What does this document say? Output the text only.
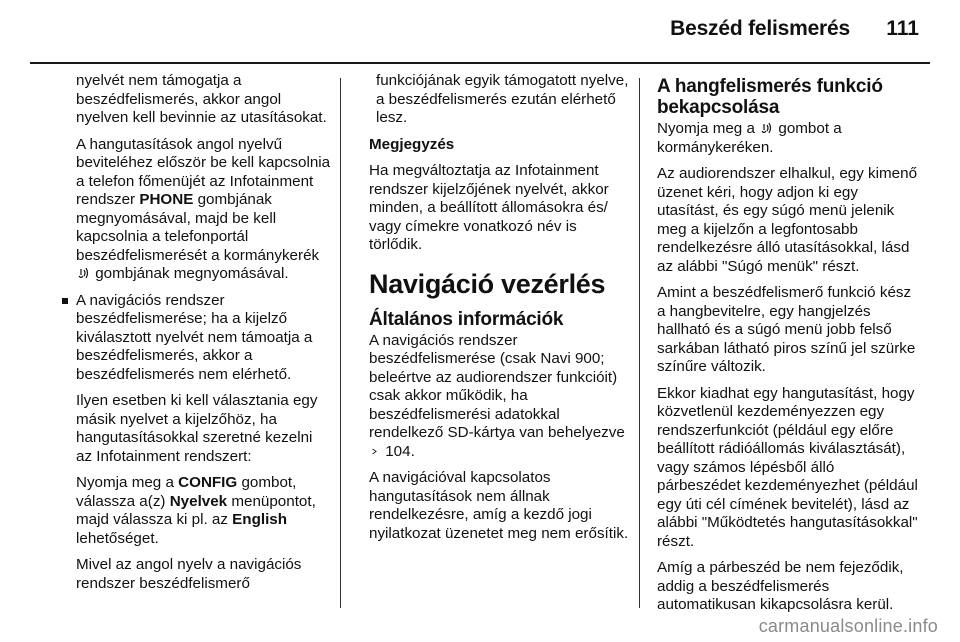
Beszéd felismerés 111

nyelvét nem támogatja a beszédfelismerés, akkor angol nyelven kell bevinnie az utasításokat.

A hangutasítások angol nyelvű beviteléhez először be kell kapcsolnia a telefon főmenüjét az Infotainment rendszer PHONE gombjának megnyomásával, majd be kell kapcsolnia a telefonportál beszédfelismerését a kormánykerék  gombjának megnyomásával.

A navigációs rendszer beszédfelismerése; ha a kijelző kiválasztott nyelvét nem támoatja a beszédfelismerés, akkor a beszédfelismerés nem elérhető.

Ilyen esetben ki kell választania egy másik nyelvet a kijelzőhöz, ha hangutasításokkal szeretné kezelni az Infotainment rendszert:

Nyomja meg a CONFIG gombot, válassza a(z) Nyelvek menüpontot, majd válassza ki pl. az English lehetőséget.

Mivel az angol nyelv a navigációs rendszer beszédfelismerő

funkciójának egyik támogatott nyelve, a beszédfelismerés ezután elérhető lesz.

Megjegyzés

Ha megváltoztatja az Infotainment rendszer kijelzőjének nyelvét, akkor minden, a beállított állomásokra és/ vagy címekre vonatkozó név is törlődik.

Navigáció vezérlés
Általános információk

A navigációs rendszer beszédfelismerése (csak Navi 900; beleértve az audiorendszer funkcióit) csak akkor működik, ha beszédfelismerési adatokkal rendelkező SD-kártya van behelyezve  104.

A navigációval kapcsolatos hangutasítások nem állnak rendelkezésre, amíg a kezdő jogi nyilatkozat üzenetet meg nem erősítik.

A hangfelismerés funkció bekapcsolása

Nyomja meg a gombot a kormánykeréken.

Az audiorendszer elhalkul, egy kimenő üzenet kéri, hogy adjon ki egy utasítást, és egy súgó menü jelenik meg a kijelzőn a legfontosabb rendelkezésre álló utasításokkal, lásd az alábbi "Súgó menük" részt.

Amint a beszédfelismerő funkció kész a hangbevitelre, egy hangjelzés hallható és a súgó menü jobb felső sarkában látható piros színű jel szürke színűre változik.

Ekkor kiadhat egy hangutasítást, hogy közvetlenül kezdeményezzen egy rendszerfunkciót (például egy előre beállított rádióállomás kiválasztását), vagy számos lépésből álló párbeszédet kezdeményezhet (például egy úti cél címének bevitelét), lásd az alábbi "Működtetés hangutasításokkal" részt.

Amíg a párbeszéd be nem fejeződik, addig a beszédfelismerés automatikusan kikapcsolásra kerül.

carmanualsonline.info
